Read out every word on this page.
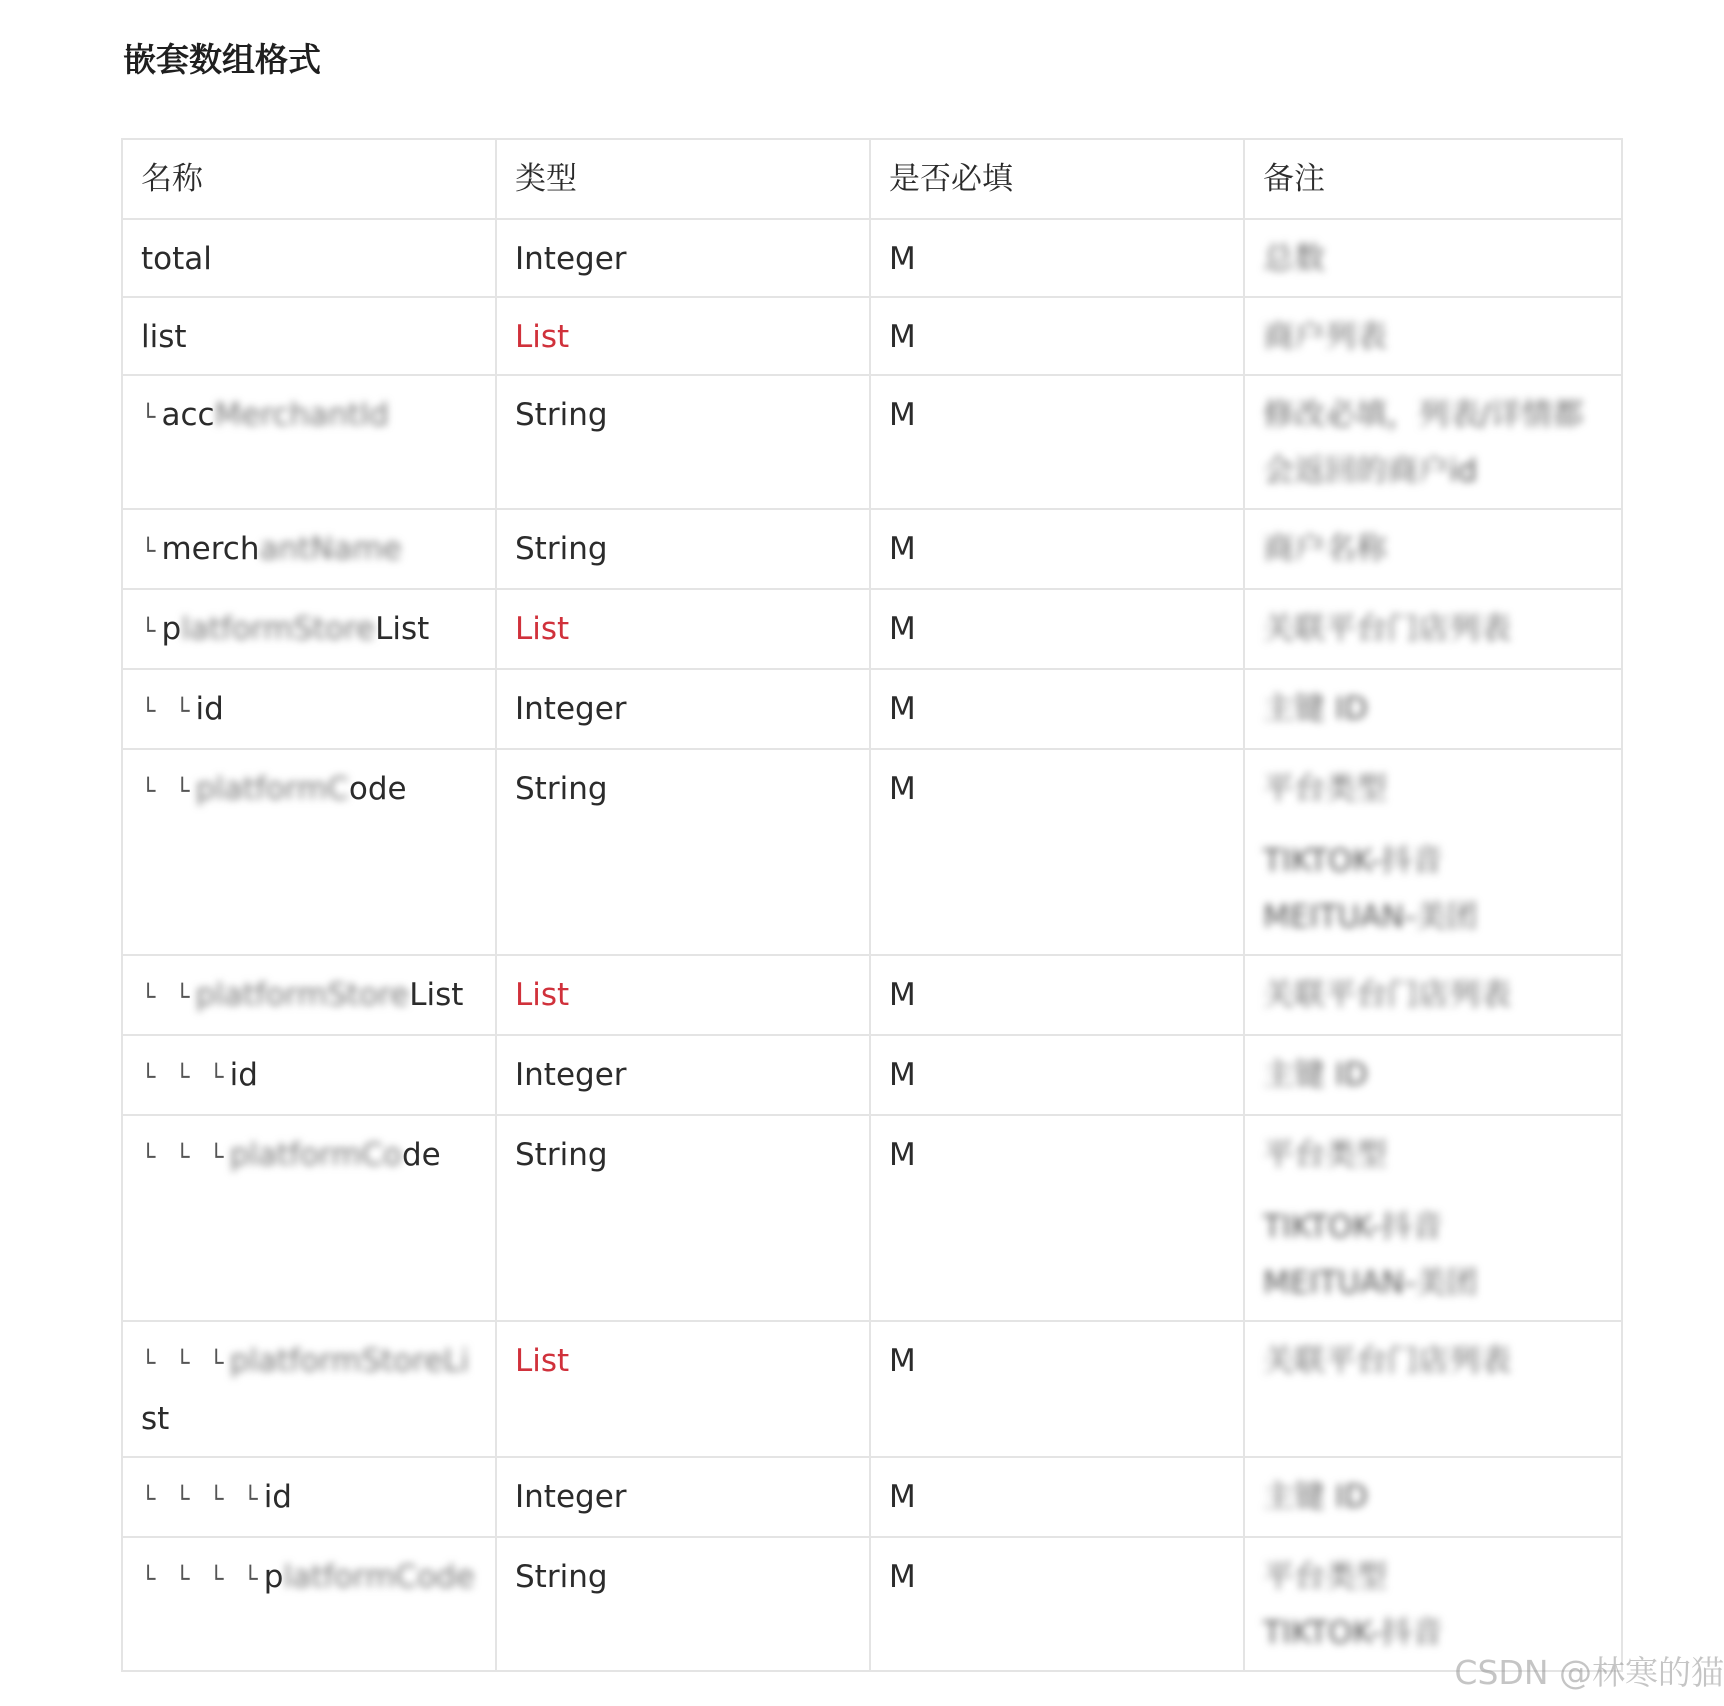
嵌套数组格式
名称	类型	是否必填	备注
total	Integer	M	总数

list	List	M	商户列表

└accMerchantId	String	M	修改必填，列表/详情都
会返回的商户id

└merchantName	String	M	商户名称

└platformStoreList	List	M	关联平台门店列表

└ └id	Integer	M	主键 ID

└ └platformCode	String	M	平台类型
TIKTOK-抖音
MEITUAN-美团

└ └platformStoreList	List	M	关联平台门店列表

└ └ └id	Integer	M	主键 ID

└ └ └platformCode	String	M	平台类型
TIKTOK-抖音
MEITUAN-美团

└ └ └platformStoreList	List	M	关联平台门店列表

└ └ └ └id	Integer	M	主键 ID

└ └ └ └platformCode	String	M	平台类型
TIKTOK-抖音
CSDN @林寒的猫
